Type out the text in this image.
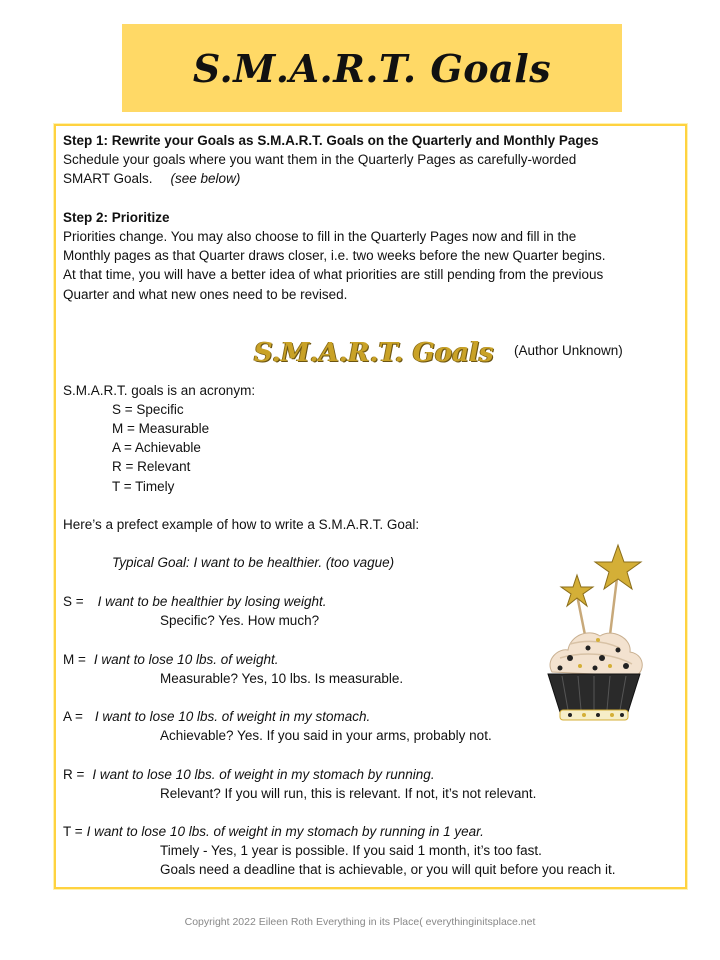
S.M.A.R.T. Goals
Step 1: Rewrite your Goals as S.M.A.R.T. Goals on the Quarterly and Monthly Pages
Schedule your goals where you want them in the Quarterly Pages as carefully-worded
SMART Goals. (see below)
Step 2: Prioritize
Priorities change. You may also choose to fill in the Quarterly Pages now and fill in the
Monthly pages as that Quarter draws closer, i.e. two weeks before the new Quarter begins.
At that time, you will have a better idea of what priorities are still pending from the previous
Quarter and what new ones need to be revised.
S.M.A.R.T. Goals (Author Unknown)
S.M.A.R.T. goals is an acronym:
S = Specific
M = Measurable
A = Achievable
R = Relevant
T = Timely
Here’s a prefect example of how to write a S.M.A.R.T. Goal:
Typical Goal: I want to be healthier. (too vague)
S = I want to be healthier by losing weight.
Specific? Yes. How much?
M = I want to lose 10 lbs. of weight.
Measurable? Yes, 10 lbs. Is measurable.
A = I want to lose 10 lbs. of weight in my stomach.
Achievable? Yes. If you said in your arms, probably not.
R = I want to lose 10 lbs. of weight in my stomach by running.
Relevant? If you will run, this is relevant. If not, it’s not relevant.
T = I want to lose 10 lbs. of weight in my stomach by running in 1 year.
Timely - Yes, 1 year is possible. If you said 1 month, it’s too fast.
Goals need a deadline that is achievable, or you will quit before you reach it.
Copyright 2022 Eileen Roth Everything in its Place( everythinginitsplace.net
